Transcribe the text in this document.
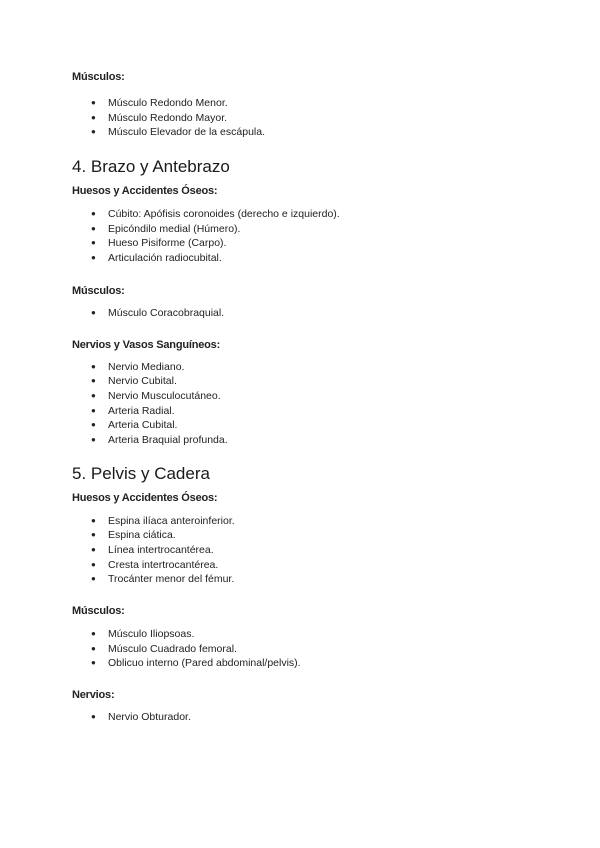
Músculos:

● Músculo Redondo Menor.
● Músculo Redondo Mayor.
● Músculo Elevador de la escápula.
4. Brazo y Antebrazo

Huesos y Accidentes Óseos:

● Cúbito: Apófisis coronoides (derecho e izquierdo).
● Epicóndilo medial (Húmero).
● Hueso Pisiforme (Carpo).
● Articulación radiocubital.

Músculos:

● Músculo Coracobraquial.

Nervios y Vasos Sanguíneos:

● Nervio Mediano.
● Nervio Cubital.
● Nervio Musculocutáneo.
● Arteria Radial.
● Arteria Cubital.
● Arteria Braquial profunda.
5. Pelvis y Cadera

Huesos y Accidentes Óseos:

● Espina ilíaca anteroinferior.
● Espina ciática.
● Línea intertrocantérea.
● Cresta intertrocantérea.
● Trocánter menor del fémur.

Músculos:

● Músculo Iliopsoas.
● Músculo Cuadrado femoral.
● Oblicuo interno (Pared abdominal/pelvis).

Nervios:

● Nervio Obturador.
